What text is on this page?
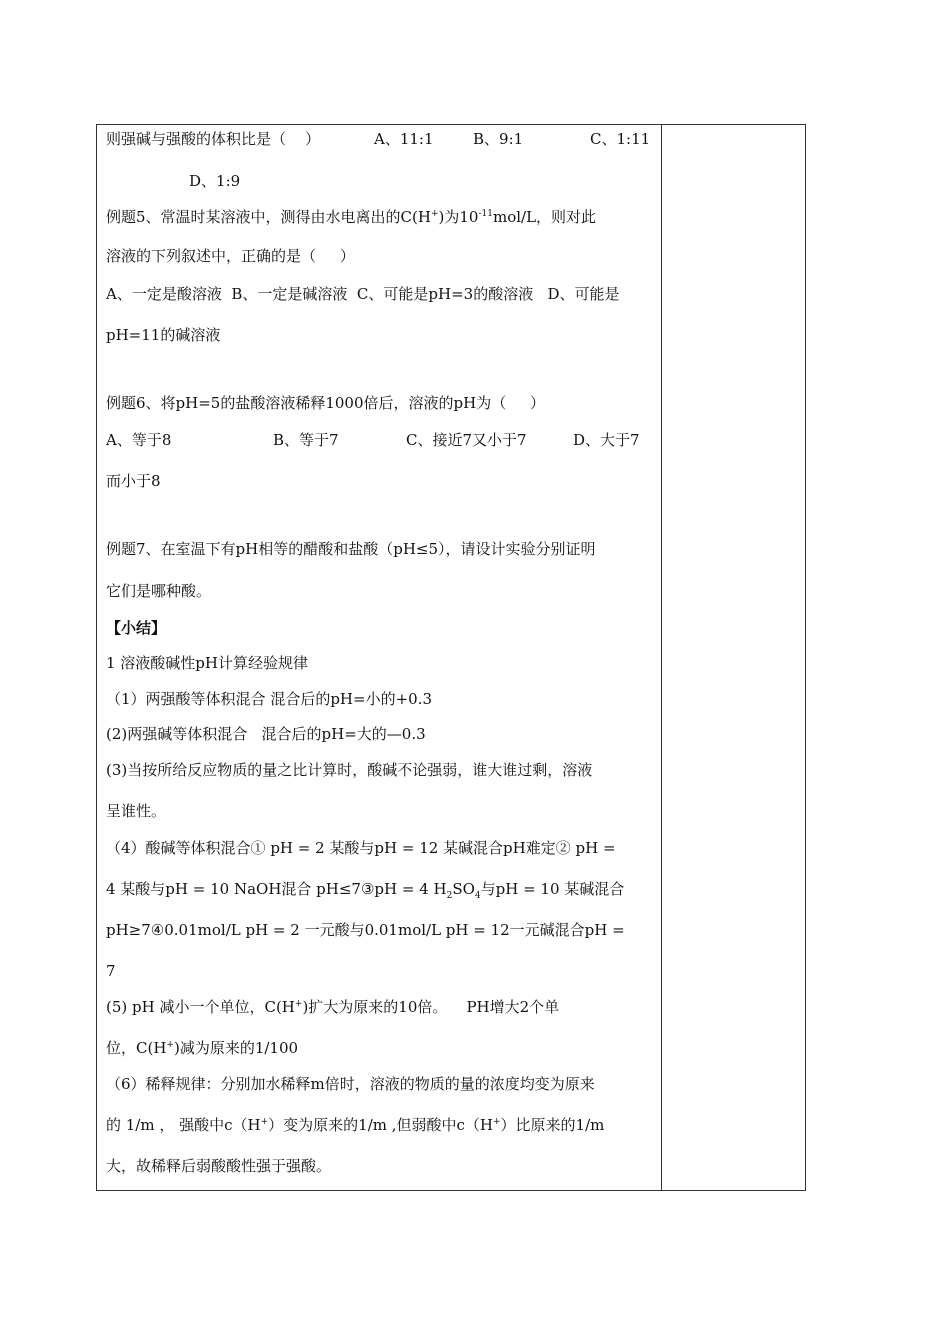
则强碱与强酸的体积比是（    ）	A、11:1	B、9:1	C、1:11
D、1:9
例题5、常温时某溶液中，测得由水电离出的C(H+)为$10^{-11}mol/L$，则对此
溶液的下列叙述中，正确的是（     ）
A、一定是酸溶液  B、一定是碱溶液  C、可能是pH=3的酸溶液   D、可能是
pH=11的碱溶液
例题6、将pH=5的盐酸溶液稀释1000倍后，溶液的pH为（     ）
A、等于8	B、等于7	C、接近7又小于7	D、大于7
而小于8
例题7、在室温下有pH相等的醋酸和盐酸（pH≤5），请设计实验分别证明
它们是哪种酸。
【小结】
1 溶液酸碱性pH计算经验规律
（1）两强酸等体积混合 混合后的pH=小的+0.3
(2)两强碱等体积混合   混合后的pH=大的—0.3
(3)当按所给反应物质的量之比计算时，酸碱不论强弱，谁大谁过剩，溶液
呈谁性。
（4）酸碱等体积混合① pH = 2 某酸与pH = 12 某碱混合pH难定② pH =
4 某酸与pH = 10 NaOH混合 pH≤7③pH = 4 $H_2SO_4$与pH = 10 某碱混合
pH≥7④0.01mol/L pH = 2 一元酸与0.01mol/L pH = 12一元碱混合pH =
7
(5) pH 减小一个单位，C(H+)扩大为原来的10倍。    PH增大2个单
位，C(H+)减为原来的1/100
（6）稀释规律：分别加水稀释m倍时，溶液的物质的量的浓度均变为原来
的 1/m ， 强酸中c（H+）变为原来的1/m ,但弱酸中c（H+）比原来的1/m
大，故稀释后弱酸酸性强于强酸。
